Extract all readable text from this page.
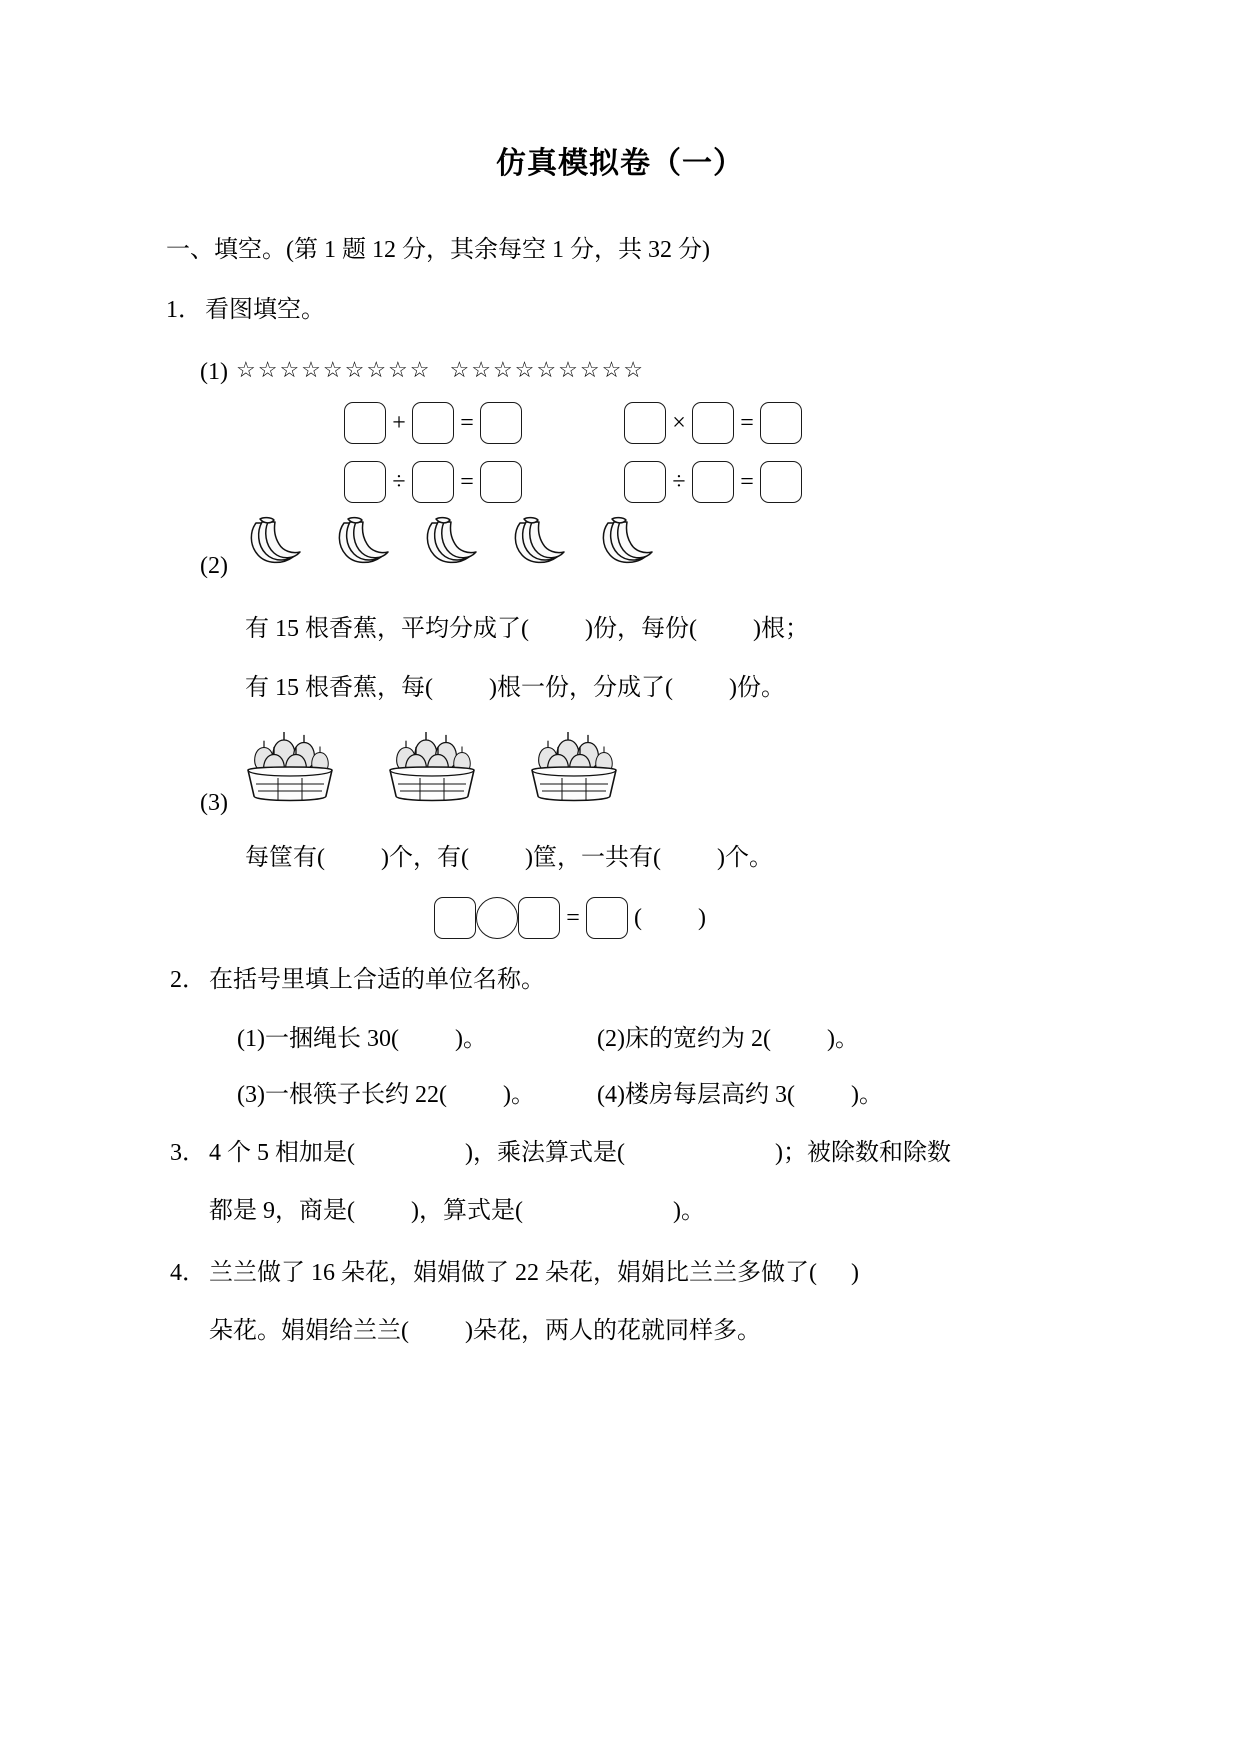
仿真模拟卷（一）
一、填空。(第 1 题 12 分，其余每空 1 分，共 32 分)
1． 看图填空。
(1) ☆☆☆☆☆☆☆☆☆ ☆☆☆☆☆☆☆☆☆
+ =	× =
÷ =	÷ =
(2)
有 15 根香蕉，平均分成了( )份，每份( )根；
有 15 根香蕉，每( )根一份，分成了( )份。
(3)
每筐有( )个，有( )筐，一共有( )个。
= ( )
2． 在括号里填上合适的单位名称。
(1)一捆绳长 30( )。	(2)床的宽约为 2( )。
(3)一根筷子长约 22( )。	(4)楼房每层高约 3( )。
3． 4 个 5 相加是(	)，乘法算式是(	)；被除数和除数
都是 9，商是( )，算式是(	)。
4． 兰兰做了 16 朵花，娟娟做了 22 朵花，娟娟比兰兰多做了( )
朵花。娟娟给兰兰( )朵花，两人的花就同样多。
